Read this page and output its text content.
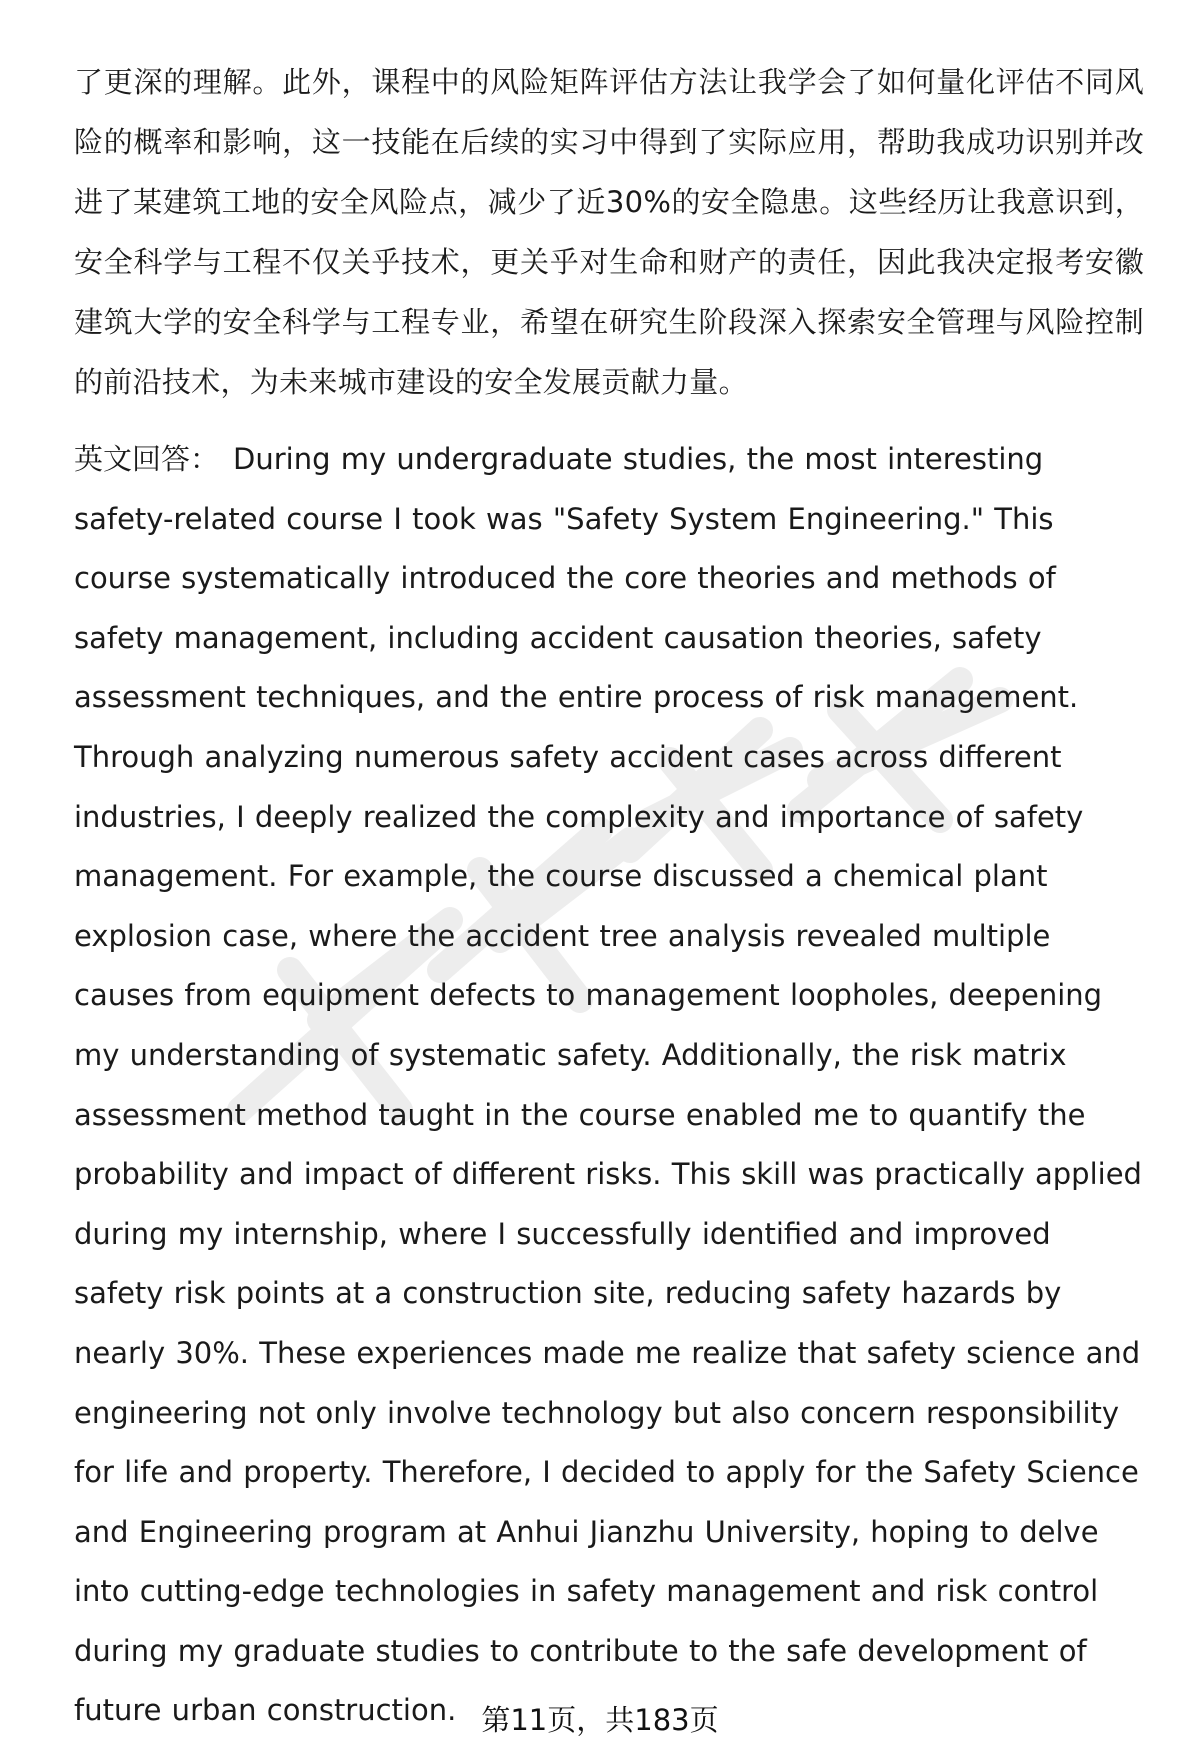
了更深的理解。此外，课程中的风险矩阵评估方法让我学会了如何量化评估不同风险的概率和影响，这一技能在后续的实习中得到了实际应用，帮助我成功识别并改进了某建筑工地的安全风险点，减少了近30%的安全隐患。这些经历让我意识到，安全科学与工程不仅关乎技术，更关乎对生命和财产的责任，因此我决定报考安徽建筑大学的安全科学与工程专业，希望在研究生阶段深入探索安全管理与风险控制的前沿技术，为未来城市建设的安全发展贡献力量。

英文回答： During my undergraduate studies, the most interesting safety-related course I took was "Safety System Engineering." This course systematically introduced the core theories and methods of safety management, including accident causation theories, safety assessment techniques, and the entire process of risk management. Through analyzing numerous safety accident cases across different industries, I deeply realized the complexity and importance of safety management. For example, the course discussed a chemical plant explosion case, where the accident tree analysis revealed multiple causes from equipment defects to management loopholes, deepening my understanding of systematic safety. Additionally, the risk matrix assessment method taught in the course enabled me to quantify the probability and impact of different risks. This skill was practically applied during my internship, where I successfully identified and improved safety risk points at a construction site, reducing safety hazards by nearly 30%. These experiences made me realize that safety science and engineering not only involve technology but also concern responsibility for life and property. Therefore, I decided to apply for the Safety Science and Engineering program at Anhui Jianzhu University, hoping to delve into cutting-edge technologies in safety management and risk control during my graduate studies to contribute to the safe development of future urban construction. 第11页，共183页
